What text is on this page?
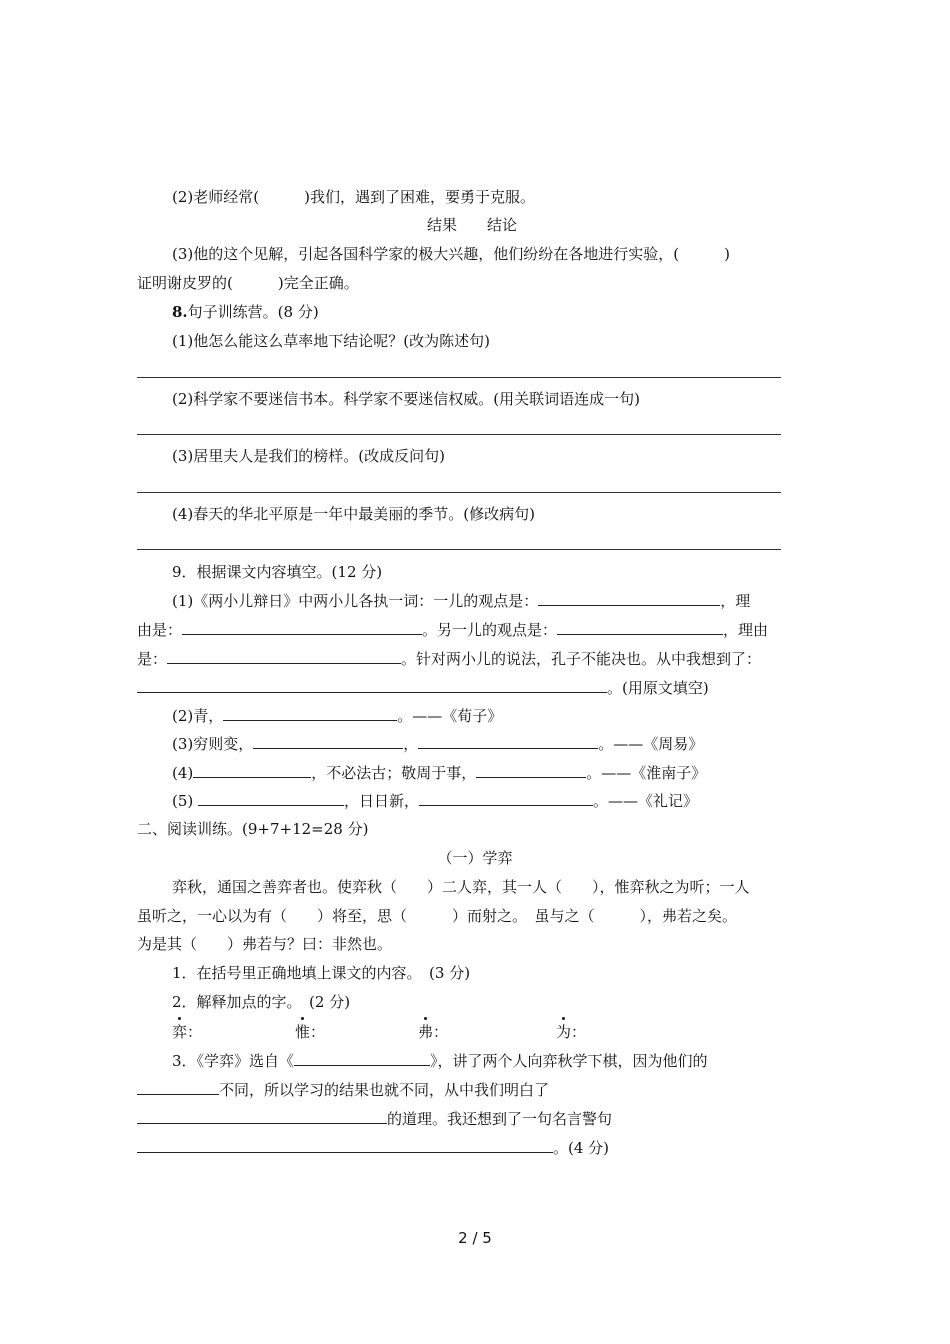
(2)老师经常(　　　)我们，遇到了困难，要勇于克服。
结果　　结论
(3)他的这个见解，引起各国科学家的极大兴趣，他们纷纷在各地进行实验，(　　　)
证明谢皮罗的(　　　)完全正确。
8.句子训练营。(8 分)
(1)他怎么能这么草率地下结论呢？(改为陈述句)
(2)科学家不要迷信书本。科学家不要迷信权威。(用关联词语连成一句)
(3)居里夫人是我们的榜样。(改成反问句)
(4)春天的华北平原是一年中最美丽的季节。(修改病句)
9．根据课文内容填空。(12 分)
(1)《两小儿辩日》中两小儿各执一词：一儿的观点是：	，理
由是：	。另一儿的观点是：	，理由
是：	。针对两小儿的说法，孔子不能决也。从中我想到了：
。(用原文填空)
(2)青，	。——《荀子》
(3)穷则变，	，	。——《周易》
(4)	，不必法古；敬周于事，	。——《淮南子》
(5)	，日日新，	。——《礼记》
二、阅读训练。(9+7+12=28 分)
（一）学弈
弈秋，通国之善弈者也。使弈秋（　　）二人弈，其一人（　　），惟弈秋之为听；一人
虽听之，一心以为有（　　）将至，思（　　　）而射之。　虽与之（　　　），弗若之矣。
为是其（　　）弗若与？曰：非然也。
1．在括号里正确地填上课文的内容。　(3 分)
2．解释加点的字。　(2 分)
弈：	惟：	弗：	为：
3．《学弈》选自《	》，讲了两个人向弈秋学下棋，因为他们的
不同，所以学习的结果也就不同，从中我们明白了
的道理。我还想到了一句名言警句
。(4 分)
2 / 5
